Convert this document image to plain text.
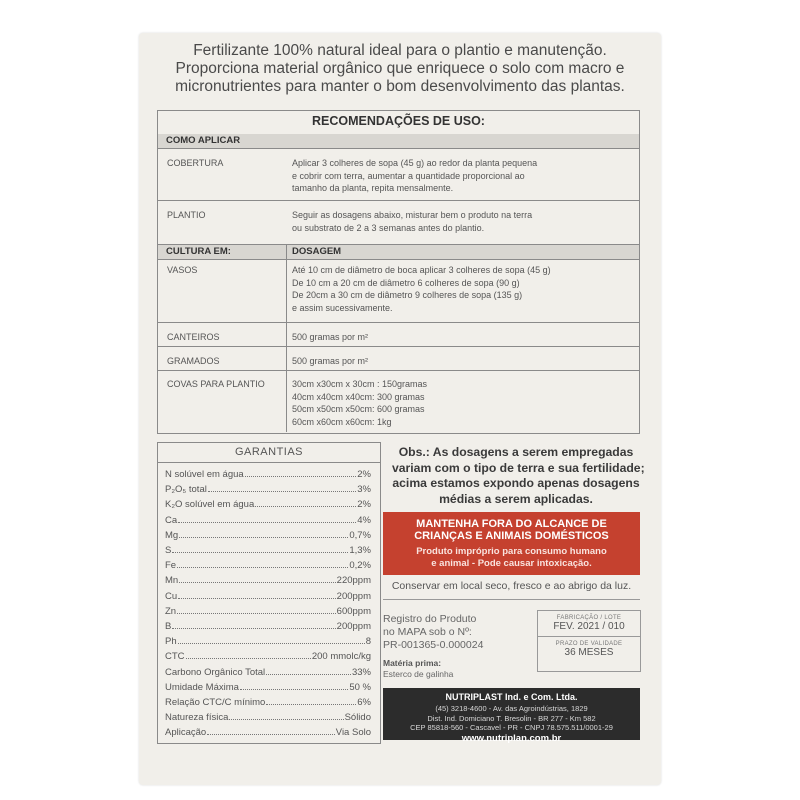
Fertilizante 100% natural ideal para o plantio e manutenção.
Proporciona material orgânico que enriquece o solo com macro e
micronutrientes para manter o bom desenvolvimento das plantas.
RECOMENDAÇÕES DE USO:
COMO APLICAR
COBERTURA	Aplicar 3 colheres de sopa (45 g) ao redor da planta pequena
e cobrir com terra, aumentar a quantidade proporcional ao
tamanho da planta, repita mensalmente.
PLANTIO	Seguir as dosagens abaixo, misturar bem o produto na terra
ou substrato de 2 a 3 semanas antes do plantio.
CULTURA EM:	DOSAGEM
VASOS	Até 10 cm de diâmetro de boca aplicar 3 colheres de sopa (45 g)
De 10 cm a 20 cm de diâmetro 6 colheres de sopa (90 g)
De 20cm a 30 cm de diâmetro 9 colheres de sopa (135 g)
e assim sucessivamente.
CANTEIROS	500 gramas por m²
GRAMADOS	500 gramas por m²
COVAS PARA PLANTIO	30cm x30cm x 30cm : 150gramas
40cm x40cm x40cm: 300 gramas
50cm x50cm x50cm: 600 gramas
60cm x60cm x60cm: 1kg
GARANTIAS
N solúvel em água	2%
P₂O₅ total	3%
K₂O solúvel em água	2%
Ca	4%
Mg	0,7%
S	1,3%
Fe	0,2%
Mn	220ppm
Cu	200ppm
Zn	600ppm
B	200ppm
Ph	8
CTC	200 mmolc/kg
Carbono Orgânico Total	33%
Umidade Máxima	50 %
Relação CTC/C mínimo	6%
Natureza física	Sólido
Aplicação	Via Solo
Obs.: As dosagens a serem empregadas
variam com o tipo de terra e sua fertilidade;
acima estamos expondo apenas dosagens
médias a serem aplicadas.
MANTENHA FORA DO ALCANCE DE
CRIANÇAS E ANIMAIS DOMÉSTICOS
Produto impróprio para consumo humano
e animal - Pode causar intoxicação.
Conservar em local seco, fresco e ao abrigo da luz.
Registro do Produto
no MAPA sob o Nº:
PR-001365-0.000024
Matéria prima:
Esterco de galinha
FABRICAÇÃO / LOTE
FEV. 2021 / 010
PRAZO DE VALIDADE
36 MESES
NUTRIPLAST Ind. e Com. Ltda.
(45) 3218-4600 - Av. das Agroindústrias, 1829
Dist. Ind. Domiciano T. Bresolin - BR 277 - Km 582
CEP 85818-560 - Cascavel - PR - CNPJ 78.575.511/0001-29
www.nutriplan.com.br
